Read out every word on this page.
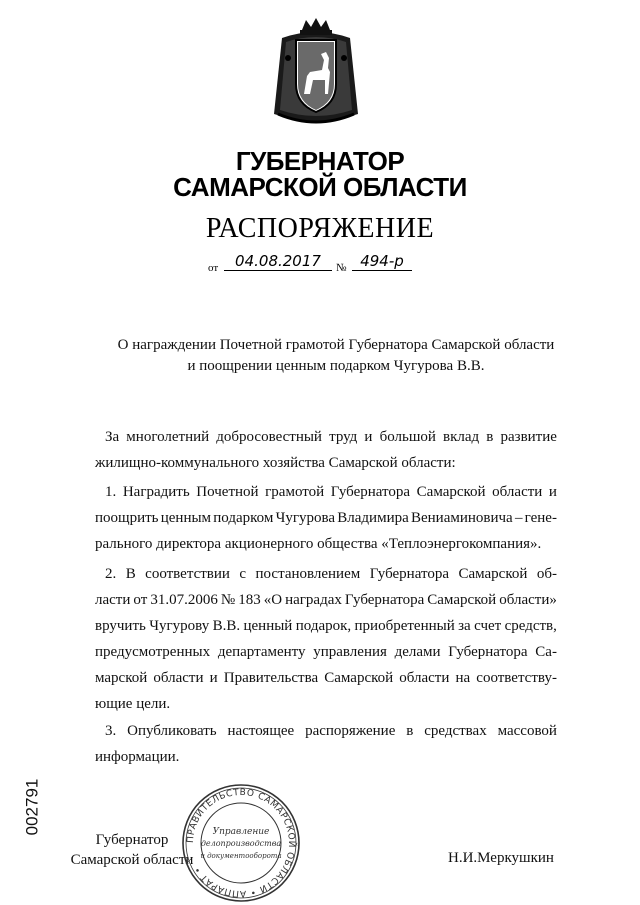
ГУБЕРНАТОР
САМАРСКОЙ ОБЛАСТИ
РАСПОРЯЖЕНИЕ
от	04.08.2017	№ 494-р
О награждении Почетной грамотой Губернатора Самарской области
и поощрении ценным подарком Чугурова В.В.
За многолетний добросовестный труд и большой вклад в развитие
жилищно-коммунального хозяйства Самарской области:
1. Наградить Почетной грамотой Губернатора Самарской области и
поощрить ценным подарком Чугурова Владимира Вениаминовича – гене-
рального директора акционерного общества «Теплоэнергокомпания».
2. В соответствии с постановлением Губернатора Самарской об-
ласти от 31.07.2006 № 183 «О наградах Губернатора Самарской области»
вручить Чугурову В.В. ценный подарок, приобретенный за счет средств,
предусмотренных департаменту управления делами Губернатора Са-
марской области и Правительства Самарской области на соответству-
ющие цели.
3. Опубликовать настоящее распоряжение в средствах массовой
информации.
002791
Губернатор
Самарской области
ПРАВИТЕЛЬСТВО САМАРСКОЙ ОБЛАСТИ • АППАРАТ •
Управление
делопроизводства
и документооборота	Н.И.Меркушкин
